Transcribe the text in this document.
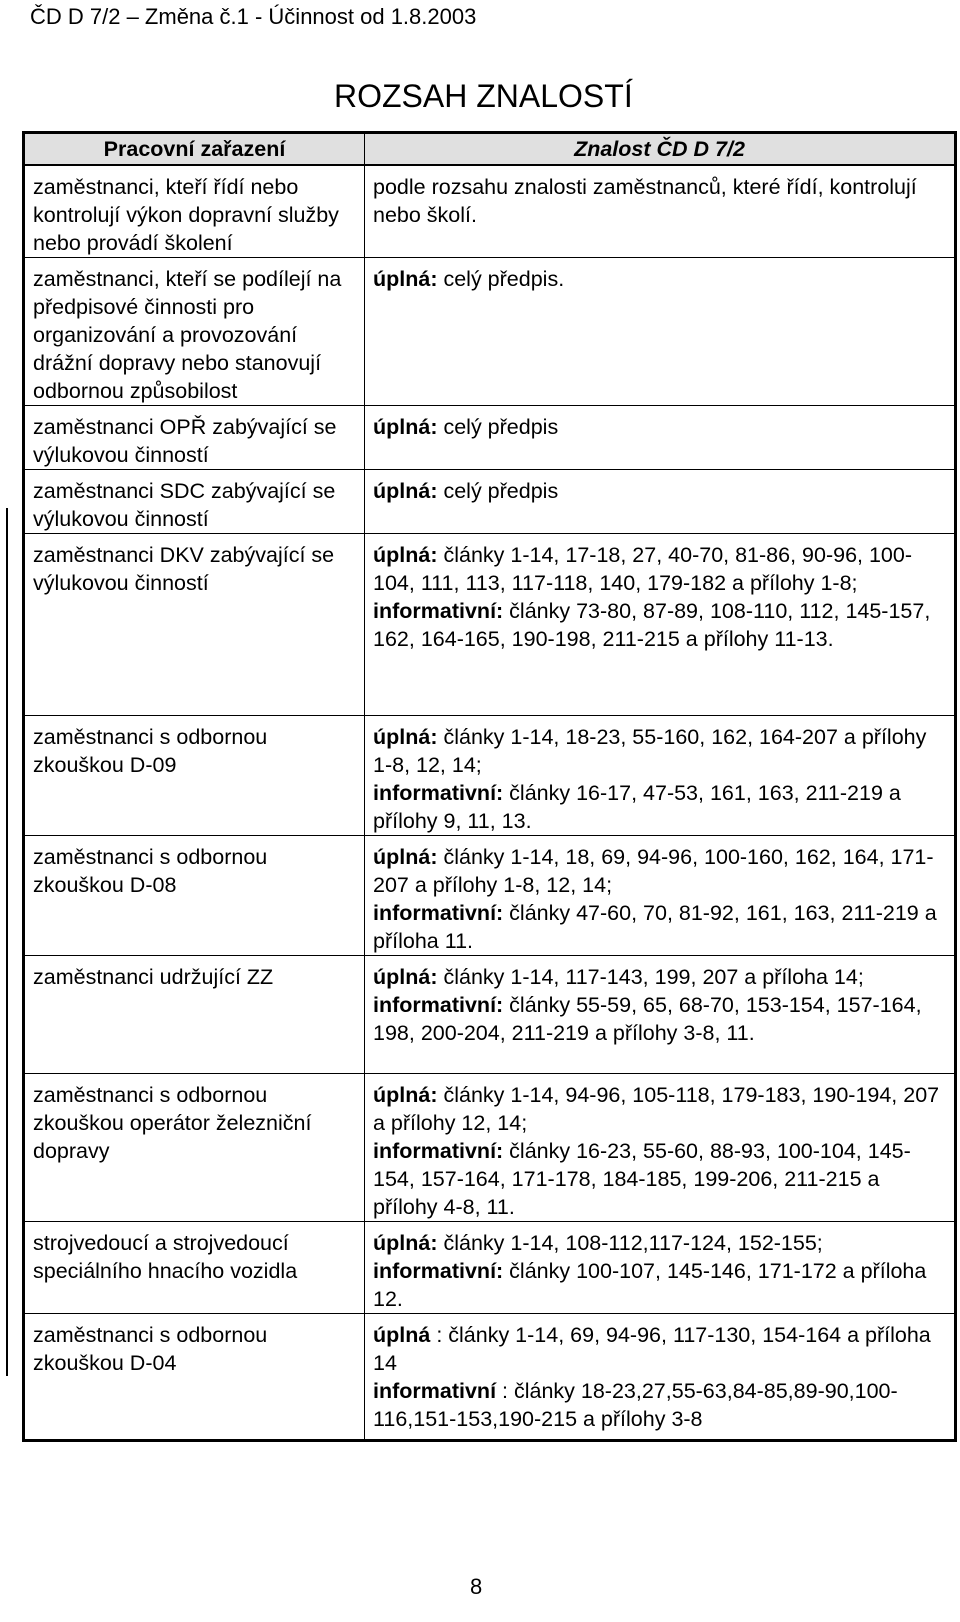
ČD D 7/2 – Změna č.1 - Účinnost od 1.8.2003
ROZSAH ZNALOSTÍ
Pracovní zařazení	Znalost ČD D 7/2
zaměstnanci, kteří řídí nebo kontrolují výkon dopravní služby nebo provádí školení	podle rozsahu znalosti zaměstnanců, které řídí, kontrolují nebo školí.

zaměstnanci, kteří se podílejí na předpisové činnosti pro organizování a provozování drážní dopravy nebo stanovují odbornou způsobilost	úplná: celý předpis.

zaměstnanci OPŘ zabývající se výlukovou činností	úplná: celý předpis

zaměstnanci SDC zabývající se výlukovou činností	úplná: celý předpis

zaměstnanci DKV zabývající se výlukovou činností	úplná: články 1-14, 17-18, 27, 40-70, 81-86, 90-96, 100-104, 111, 113, 117-118, 140, 179-182 a přílohy 1-8;
informativní: články 73-80, 87-89, 108-110, 112, 145-157, 162, 164-165, 190-198, 211-215 a přílohy 11-13.

zaměstnanci s odbornou zkouškou D-09	úplná: články 1-14, 18-23, 55-160, 162, 164-207 a přílohy 1-8, 12, 14;
informativní: články 16-17, 47-53, 161, 163, 211-219 a přílohy 9, 11, 13.

zaměstnanci s odbornou zkouškou D-08	úplná: články 1-14, 18, 69, 94-96, 100-160, 162, 164, 171-207 a přílohy 1-8, 12, 14;
informativní: články 47-60, 70, 81-92, 161, 163, 211-219 a příloha 11.

zaměstnanci udržující ZZ	úplná: články 1-14, 117-143, 199, 207 a příloha 14;
informativní: články 55-59, 65, 68-70, 153-154, 157-164, 198, 200-204, 211-219 a přílohy 3-8, 11.

zaměstnanci s odbornou zkouškou operátor železniční dopravy	úplná: články 1-14, 94-96, 105-118, 179-183, 190-194, 207 a přílohy 12, 14;
informativní: články 16-23, 55-60, 88-93, 100-104, 145-154, 157-164, 171-178, 184-185, 199-206, 211-215 a přílohy 4-8, 11.

strojvedoucí a strojvedoucí speciálního hnacího vozidla	úplná: články 1-14, 108-112,117-124, 152-155;
informativní: články 100-107, 145-146, 171-172 a příloha 12.

zaměstnanci s odbornou zkouškou D-04	úplná : články 1-14, 69, 94-96, 117-130, 154-164 a příloha 14
informativní : články 18-23,27,55-63,84-85,89-90,100-116,151-153,190-215 a přílohy 3-8
8
